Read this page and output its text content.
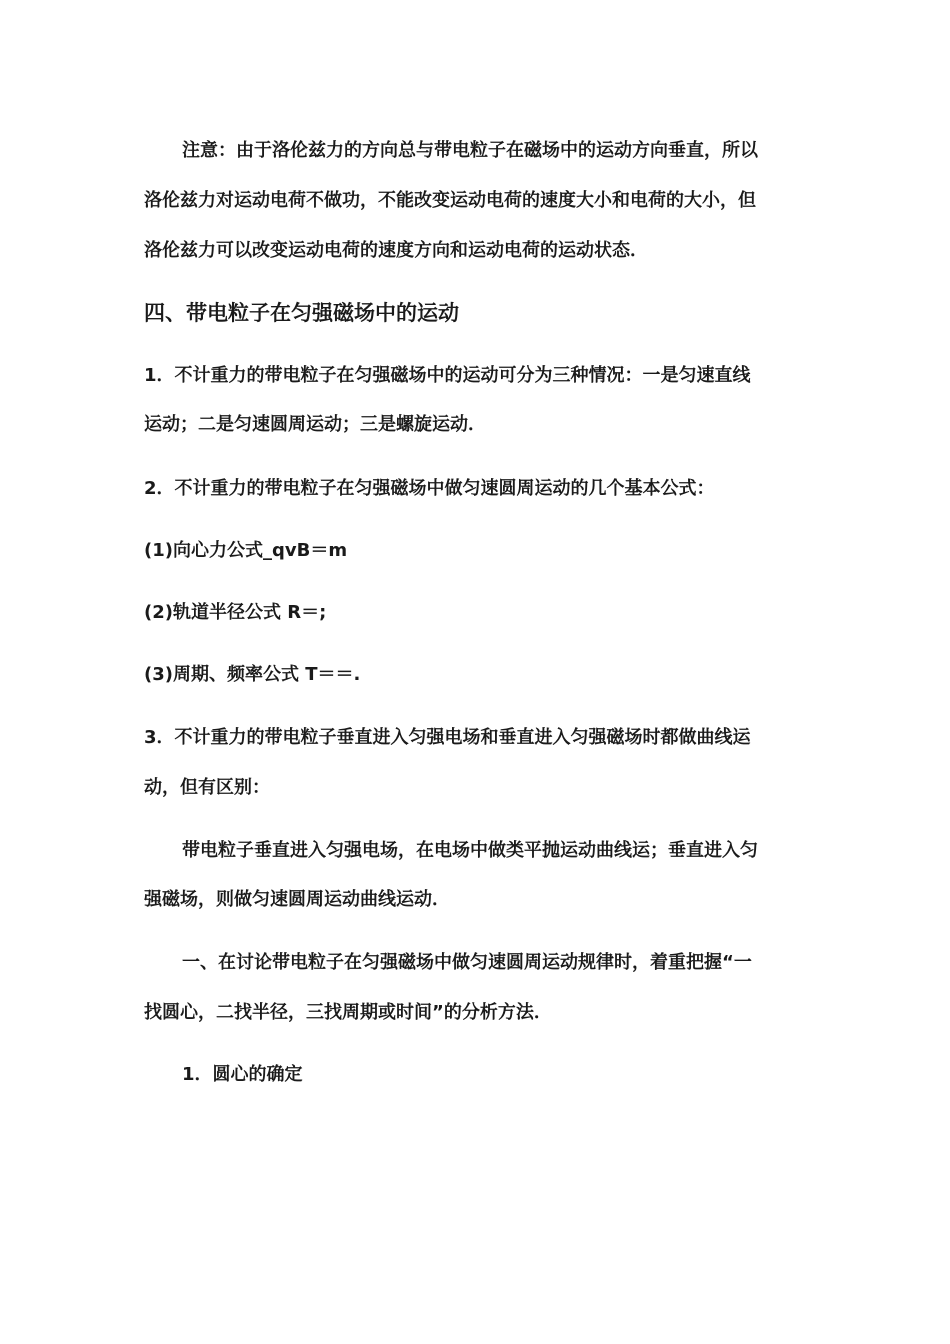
注意：由于洛伦兹力的方向总与带电粒子在磁场中的运动方向垂直，所以
洛伦兹力对运动电荷不做功，不能改变运动电荷的速度大小和电荷的大小，但
洛伦兹力可以改变运动电荷的速度方向和运动电荷的运动状态．
四、带电粒子在匀强磁场中的运动
1．不计重力的带电粒子在匀强磁场中的运动可分为三种情况：一是匀速直线
运动；二是匀速圆周运动；三是螺旋运动．
2．不计重力的带电粒子在匀强磁场中做匀速圆周运动的几个基本公式：
(1)向心力公式_qvB＝m
(2)轨道半径公式 R＝;
(3)周期、频率公式 T＝＝.
3．不计重力的带电粒子垂直进入匀强电场和垂直进入匀强磁场时都做曲线运
动，但有区别：
带电粒子垂直进入匀强电场，在电场中做类平抛运动曲线运；垂直进入匀
强磁场，则做匀速圆周运动曲线运动．
一、在讨论带电粒子在匀强磁场中做匀速圆周运动规律时，着重把握“一
找圆心，二找半径，三找周期或时间”的分析方法．
1．圆心的确定
